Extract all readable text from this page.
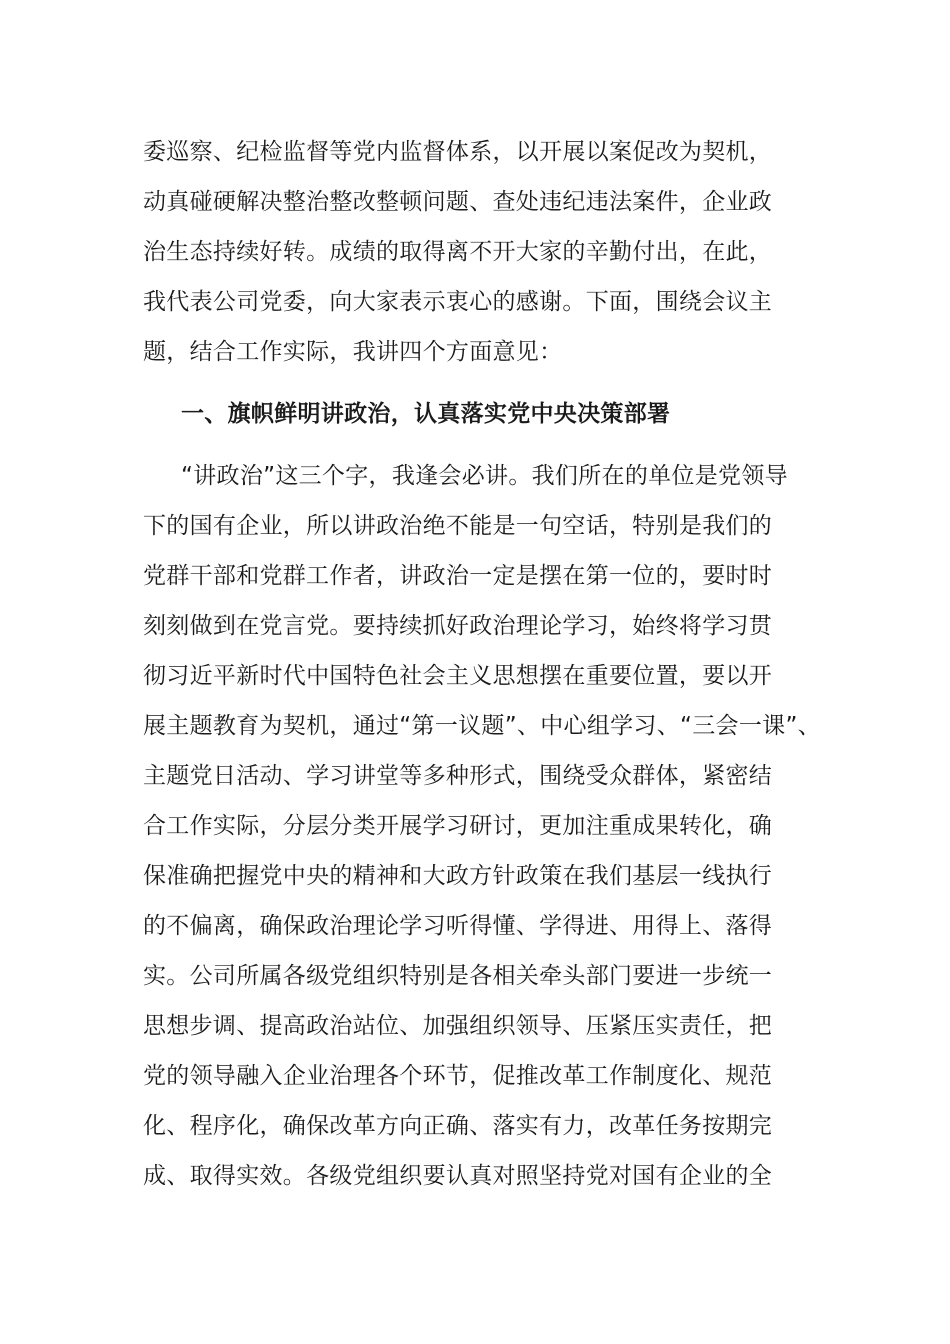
委巡察、纪检监督等党内监督体系，以开展以案促改为契机，
动真碰硬解决整治整改整顿问题、查处违纪违法案件，企业政
治生态持续好转。成绩的取得离不开大家的辛勤付出，在此，
我代表公司党委，向大家表示衷心的感谢。下面，围绕会议主
题，结合工作实际，我讲四个方面意见：
一、旗帜鲜明讲政治，认真落实党中央决策部署
“讲政治”这三个字，我逢会必讲。我们所在的单位是党领导
下的国有企业，所以讲政治绝不能是一句空话，特别是我们的
党群干部和党群工作者，讲政治一定是摆在第一位的，要时时
刻刻做到在党言党。要持续抓好政治理论学习，始终将学习贯
彻习近平新时代中国特色社会主义思想摆在重要位置，要以开
展主题教育为契机，通过“第一议题”、中心组学习、“三会一课”、
主题党日活动、学习讲堂等多种形式，围绕受众群体，紧密结
合工作实际，分层分类开展学习研讨，更加注重成果转化，确
保准确把握党中央的精神和大政方针政策在我们基层一线执行
的不偏离，确保政治理论学习听得懂、学得进、用得上、落得
实。公司所属各级党组织特别是各相关牵头部门要进一步统一
思想步调、提高政治站位、加强组织领导、压紧压实责任，把
党的领导融入企业治理各个环节，促推改革工作制度化、规范
化、程序化，确保改革方向正确、落实有力，改革任务按期完
成、取得实效。各级党组织要认真对照坚持党对国有企业的全
